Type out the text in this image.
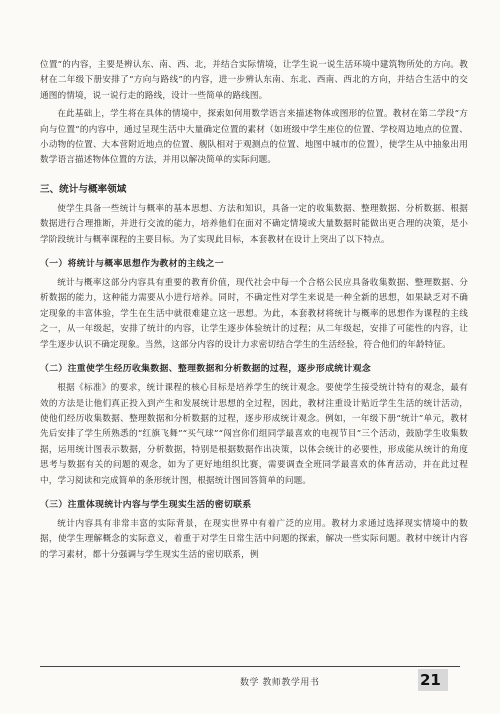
位置”的内容，主要是辨认东、南、西、北，并结合实际情境，让学生说一说生活环境中建筑物所处的方向。教材在二年级下册安排了“方向与路线”的内容，进一步辨认东南、东北、西南、西北的方向，并结合生活中的交通图的情境，说一说行走的路线，设计一些简单的路线图。

在此基础上，学生将在具体的情境中，探索如何用数学语言来描述物体或图形的位置。教材在第二学段“方向与位置”的内容中，通过呈现生活中大量确定位置的素材（如班级中学生座位的位置、学校周边地点的位置、小动物的位置、大本营附近地点的位置、舰队相对于观测点的位置、地图中城市的位置），使学生从中抽象出用数学语言描述物体位置的方法，并用以解决简单的实际问题。

三、统计与概率领域

使学生具备一些统计与概率的基本思想、方法和知识，具备一定的收集数据、整理数据、分析数据、根据数据进行合理推断，并进行交流的能力，培养他们在面对不确定情境或大量数据时能做出更合理的决策，是小学阶段统计与概率课程的主要目标。为了实现此目标，本套教材在设计上突出了以下特点。

（一）将统计与概率思想作为教材的主线之一

统计与概率这部分内容具有重要的教育价值，现代社会中每一个合格公民应具备收集数据、整理数据、分析数据的能力，这种能力需要从小进行培养。同时，不确定性对学生来说是一种全新的思想，如果缺乏对不确定现象的丰富体验，学生在生活中就很难建立这一思想。为此，本套教材将统计与概率的思想作为课程的主线之一，从一年级起，安排了统计的内容，让学生逐步体验统计的过程；从二年级起，安排了可能性的内容，让学生逐步认识不确定现象。当然，这部分内容的设计力求密切结合学生的生活经验，符合他们的年龄特征。

（二）注重使学生经历收集数据、整理数据和分析数据的过程，逐步形成统计观念

根据《标准》的要求，统计课程的核心目标是培养学生的统计观念。要使学生接受统计特有的观念，最有效的方法是让他们真正投入到产生和发展统计思想的全过程，因此，教材注重设计贴近学生生活的统计活动，使他们经历收集数据、整理数据和分析数据的过程，逐步形成统计观念。例如，一年级下册“统计”单元，教材先后安排了学生所熟悉的“红旗飞舞”“买气球”“闯宫你们组同学最喜欢的电视节目”三个活动，鼓励学生收集数据，运用统计图表示数据，分析数据，特别是根据数据作出决策，以体会统计的必要性，形成能从统计的角度思考与数据有关的问题的观念，如为了更好地组织比赛，需要调查全班同学最喜欢的体育活动，并在此过程中，学习阅读和完成简单的条形统计图，根据统计图回答简单的问题。

（三）注重体现统计内容与学生现实生活的密切联系

统计内容具有非常丰富的实际背景，在现实世界中有着广泛的应用。教材力求通过选择现实情境中的数据，使学生理解概念的实际意义，着重于对学生日常生活中问题的探索，解决一些实际问题。教材中统计内容的学习素材，都十分强调与学生现实生活的密切联系，例

数学 教师教学用书	21
